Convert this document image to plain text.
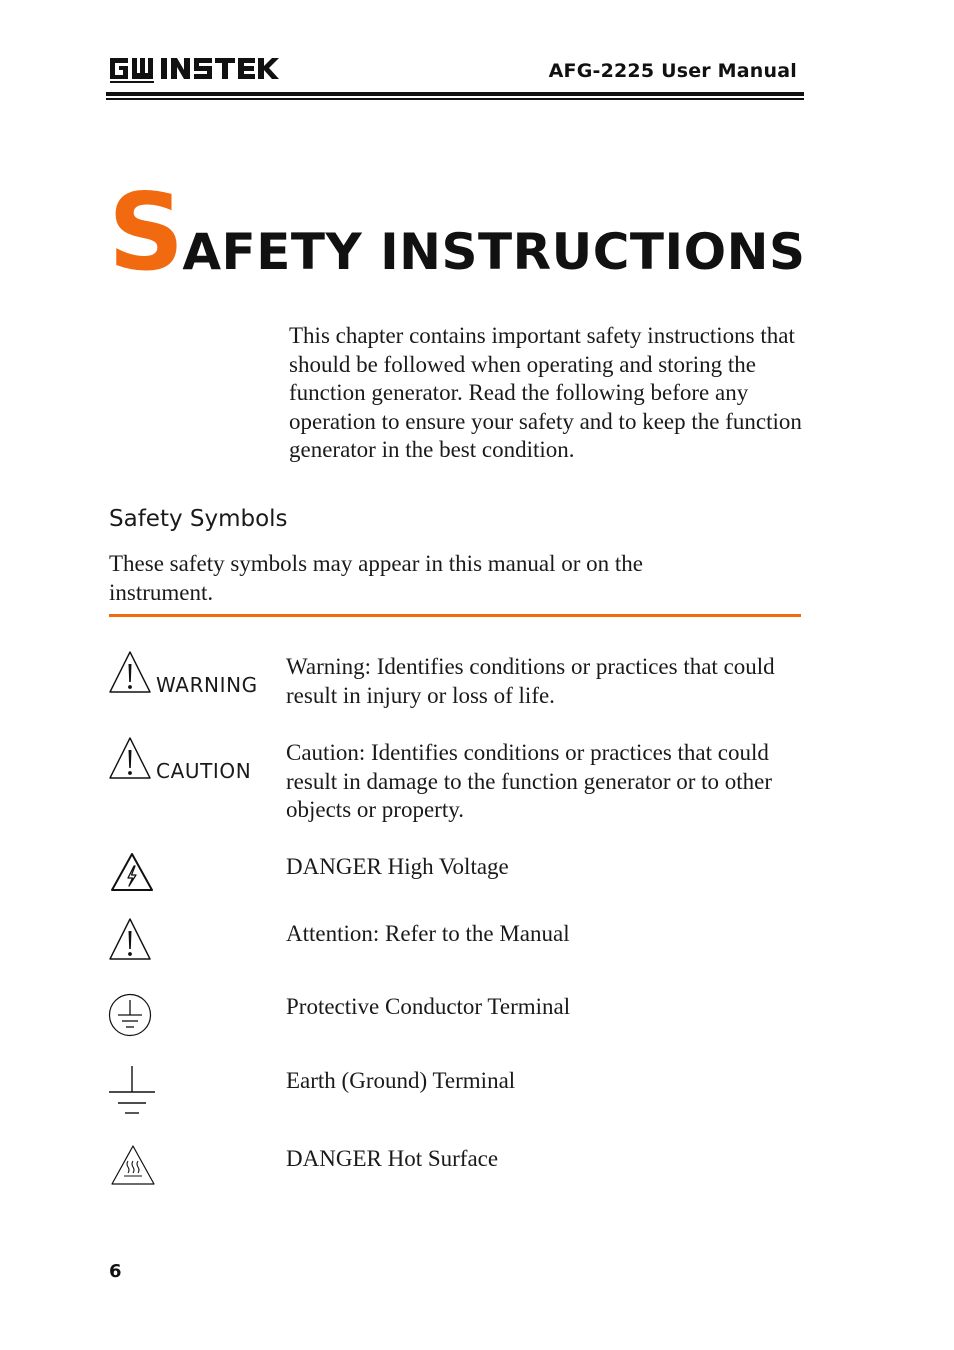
AFG-2225 User Manual
SAFETY INSTRUCTIONS
This chapter contains important safety instructions that should be followed when operating and storing the function generator. Read the following before any operation to ensure your safety and to keep the function generator in the best condition.
Safety Symbols
These safety symbols may appear in this manual or on the instrument.
WARNING
Warning: Identifies conditions or practices that could result in injury or loss of life.
CAUTION
Caution: Identifies conditions or practices that could result in damage to the function generator or to other objects or property.
DANGER High Voltage
Attention: Refer to the Manual
Protective Conductor Terminal
Earth (Ground) Terminal
DANGER Hot Surface
6
